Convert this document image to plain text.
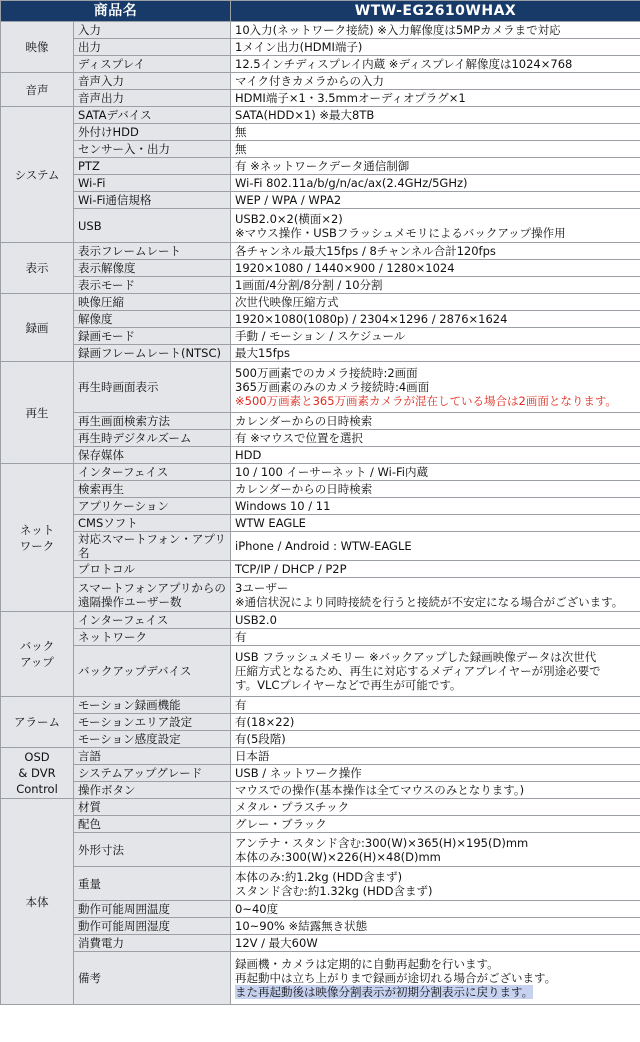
商品名		WTW-EG2610WHAX
映像	入力	10入力(ネットワーク接続) ※入力解像度は5MPカメラまで対応

	出力	1メイン出力(HDMI端子)

	ディスプレイ	12.5インチディスプレイ内蔵 ※ディスプレイ解像度は1024×768

音声	音声入力	マイク付きカメラからの入力

	音声出力	HDMI端子×1・3.5mmオーディオプラグ×1

システム	SATAデバイス	SATA(HDD×1) ※最大8TB

	外付けHDD	無

	センサー入・出力	無

	PTZ	有 ※ネットワークデータ通信制御

	Wi-Fi	Wi-Fi 802.11a/b/g/n/ac/ax(2.4GHz/5GHz)

	Wi-Fi通信規格	WEP / WPA / WPA2

	USB	USB2.0×2(横面×2)
※マウス操作・USBフラッシュメモリによるバックアップ操作用

表示	表示フレームレート	各チャンネル最大15fps / 8チャンネル合計120fps

	表示解像度	1920×1080 / 1440×900 / 1280×1024

	表示モード	1画面/4分割/8分割 / 10分割

録画	映像圧縮	次世代映像圧縮方式

	解像度	1920×1080(1080p) / 2304×1296 / 2876×1624

	録画モード	手動 / モーション / スケジュール

	録画フレームレート(NTSC)	最大15fps

再生	再生時画面表示	500万画素でのカメラ接続時:2画面
365万画素のみのカメラ接続時:4画面
※500万画素と365万画素カメラが混在している場合は2画面となります。

	再生画面検索方法	カレンダーからの日時検索

	再生時デジタルズーム	有 ※マウスで位置を選択

	保存媒体	HDD

ネット
ワーク	インターフェイス	10 / 100 イーサーネット / Wi-Fi内蔵

	検索再生	カレンダーからの日時検索

	アプリケーション	Windows 10 / 11

	CMSソフト	WTW EAGLE

	対応スマートフォン・アプリ名	iPhone / Android : WTW-EAGLE

	プロトコル	TCP/IP / DHCP / P2P

	スマートフォンアプリからの遠隔操作ユーザー数	3ユーザー
※通信状況により同時接続を行うと接続が不安定になる場合がございます。

バック
アップ	インターフェイス	USB2.0

	ネットワーク	有

	バックアップデバイス	USB フラッシュメモリー ※バックアップした録画映像データは次世代
圧縮方式となるため、再生に対応するメディアプレイヤーが別途必要で
す。VLCプレイヤーなどで再生が可能です。

アラーム	モーション録画機能	有

	モーションエリア設定	有(18×22)

	モーション感度設定	有(5段階)

OSD
& DVR
Control	言語	日本語

	システムアップグレード	USB / ネットワーク操作

	操作ボタン	マウスでの操作(基本操作は全てマウスのみとなります。)

本体	材質	メタル・プラスチック

	配色	グレー・ブラック

	外形寸法	アンテナ・スタンド含む:300(W)×365(H)×195(D)mm
本体のみ:300(W)×226(H)×48(D)mm

	重量	本体のみ:約1.2kg (HDD含まず)
スタンド含む:約1.32kg (HDD含まず)

	動作可能周囲温度	0~40度

	動作可能周囲湿度	10~90% ※結露無き状態

	消費電力	12V / 最大60W

	備考	録画機・カメラは定期的に自動再起動を行います。
再起動中は立ち上がりまで録画が途切れる場合がございます。
また再起動後は映像分割表示が初期分割表示に戻ります。
